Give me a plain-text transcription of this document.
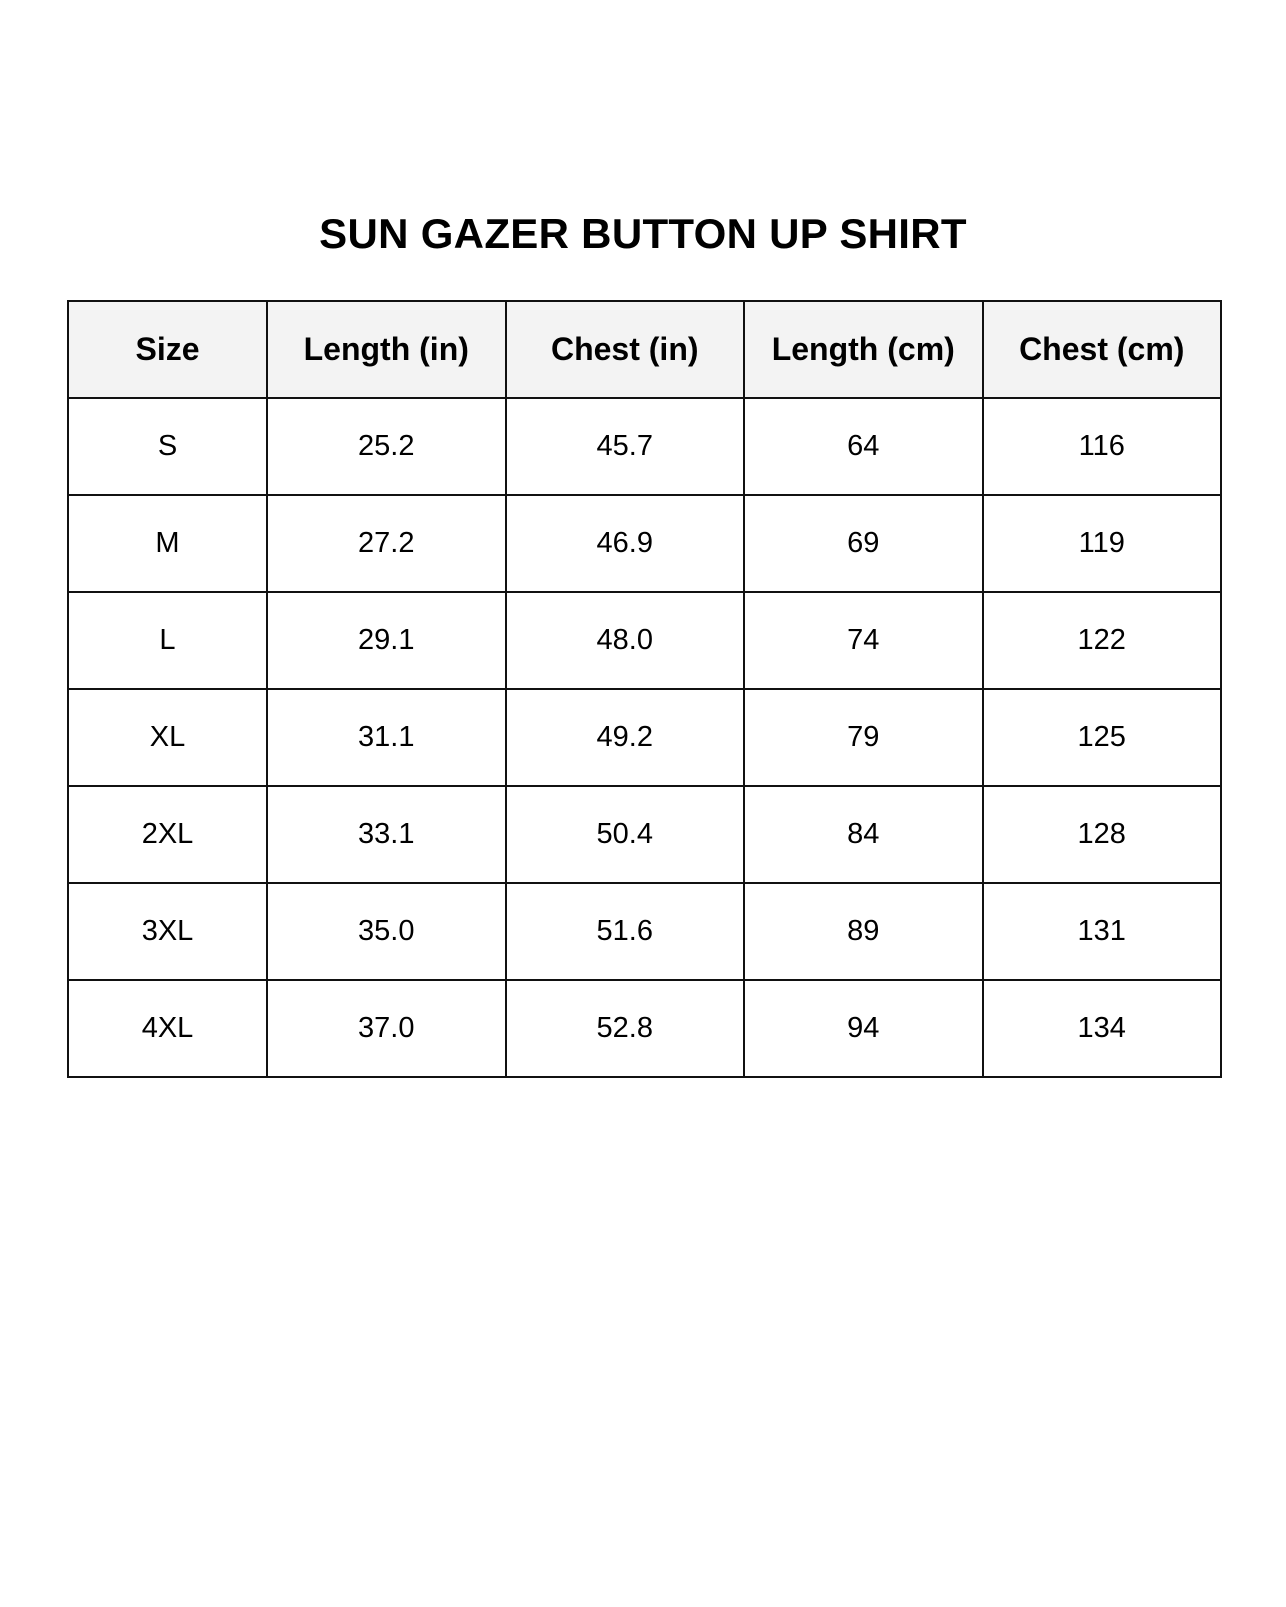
SUN GAZER BUTTON UP SHIRT
Size	Length (in)	Chest (in)	Length (cm)	Chest (cm)
S	25.2	45.7	64	116
M	27.2	46.9	69	119
L	29.1	48.0	74	122
XL	31.1	49.2	79	125
2XL	33.1	50.4	84	128
3XL	35.0	51.6	89	131
4XL	37.0	52.8	94	134
